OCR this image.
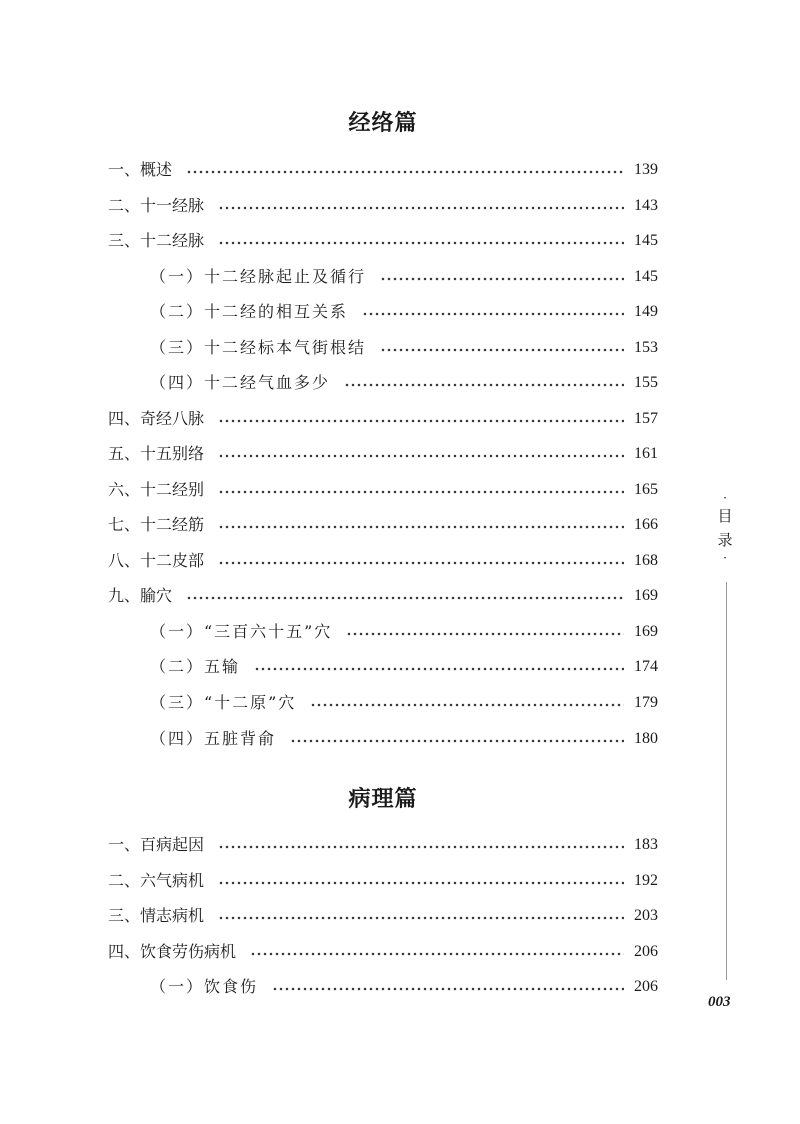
经络篇
一、概述	139
二、十一经脉	143
三、十二经脉	145
（一）十二经脉起止及循行	145
（二）十二经的相互关系	149
（三）十二经标本气街根结	153
（四）十二经气血多少	155
四、奇经八脉	157
五、十五别络	161
六、十二经别	165
七、十二经筋	166
八、十二皮部	168
九、腧穴	169
（一）“三百六十五”穴	169
（二）五输	174
（三）“十二原”穴	179
（四）五脏背俞	180
病理篇
一、百病起因	183
二、六气病机	192
三、情志病机	203
四、饮食劳伤病机	206
（一）饮食伤	206
·
目
录
·
003
